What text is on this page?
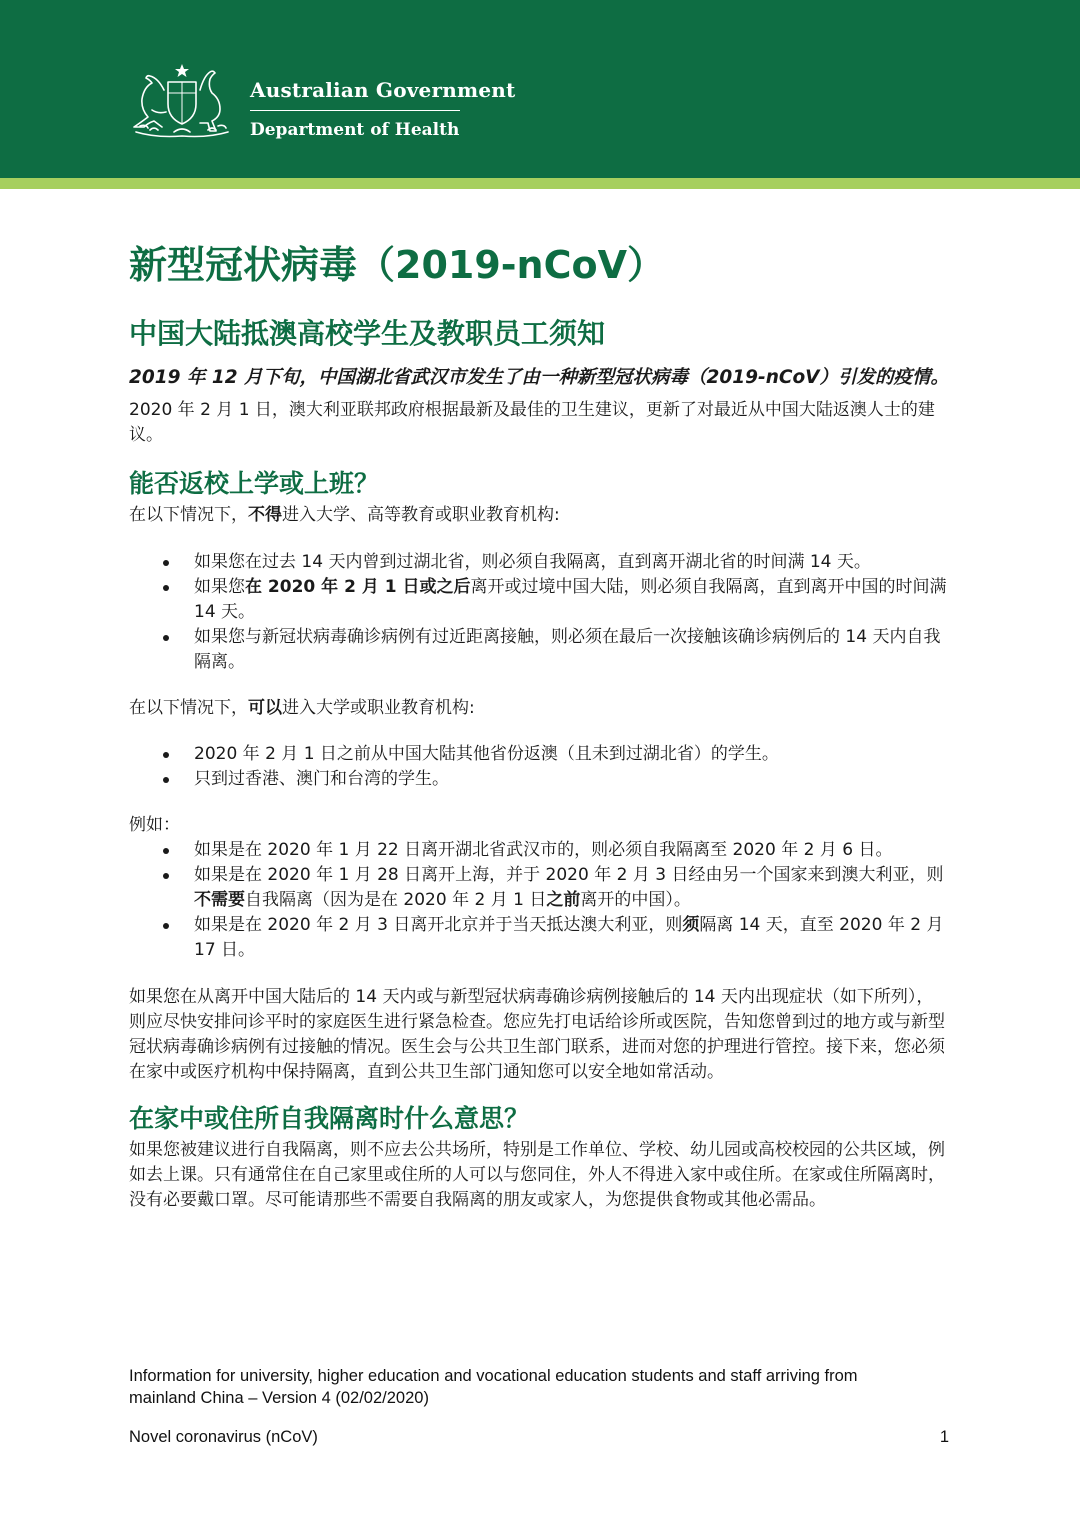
Australian Government
Department of Health
新型冠状病毒（2019-nCoV）
中国大陆抵澳高校学生及教职员工须知

2019 年 12 月下旬，中国湖北省武汉市发生了由一种新型冠状病毒（2019-nCoV）引发的疫情。

2020 年 2 月 1 日，澳大利亚联邦政府根据最新及最佳的卫生建议，更新了对最近从中国大陆返澳人士的建议。

能否返校上学或上班？

在以下情况下，不得进入大学、高等教育或职业教育机构:

如果您在过去 14 天内曾到过湖北省，则必须自我隔离，直到离开湖北省的时间满 14 天。
如果您在 2020 年 2 月 1 日或之后离开或过境中国大陆，则必须自我隔离，直到离开中国的时间满 14 天。
如果您与新冠状病毒确诊病例有过近距离接触，则必须在最后一次接触该确诊病例后的 14 天内自我隔离。

在以下情况下，可以进入大学或职业教育机构:

2020 年 2 月 1 日之前从中国大陆其他省份返澳（且未到过湖北省）的学生。
只到过香港、澳门和台湾的学生。

例如：

如果是在 2020 年 1 月 22 日离开湖北省武汉市的，则必须自我隔离至 2020 年 2 月 6 日。
如果是在 2020 年 1 月 28 日离开上海，并于 2020 年 2 月 3 日经由另一个国家来到澳大利亚，则不需要自我隔离（因为是在 2020 年 2 月 1 日之前离开的中国）。
如果是在 2020 年 2 月 3 日离开北京并于当天抵达澳大利亚，则须隔离 14 天，直至 2020 年 2 月 17 日。

如果您在从离开中国大陆后的 14 天内或与新型冠状病毒确诊病例接触后的 14 天内出现症状（如下所列），则应尽快安排问诊平时的家庭医生进行紧急检查。您应先打电话给诊所或医院，告知您曾到过的地方或与新型冠状病毒确诊病例有过接触的情况。医生会与公共卫生部门联系，进而对您的护理进行管控。接下来，您必须在家中或医疗机构中保持隔离，直到公共卫生部门通知您可以安全地如常活动。

在家中或住所自我隔离时什么意思？

如果您被建议进行自我隔离，则不应去公共场所，特别是工作单位、学校、幼儿园或高校校园的公共区域，例如去上课。只有通常住在自己家里或住所的人可以与您同住，外人不得进入家中或住所。在家或住所隔离时，没有必要戴口罩。尽可能请那些不需要自我隔离的朋友或家人，为您提供食物或其他必需品。

Information for university, higher education and vocational education students and staff arriving from
mainland China – Version 4 (02/02/2020)
Novel coronavirus (nCoV)	1
